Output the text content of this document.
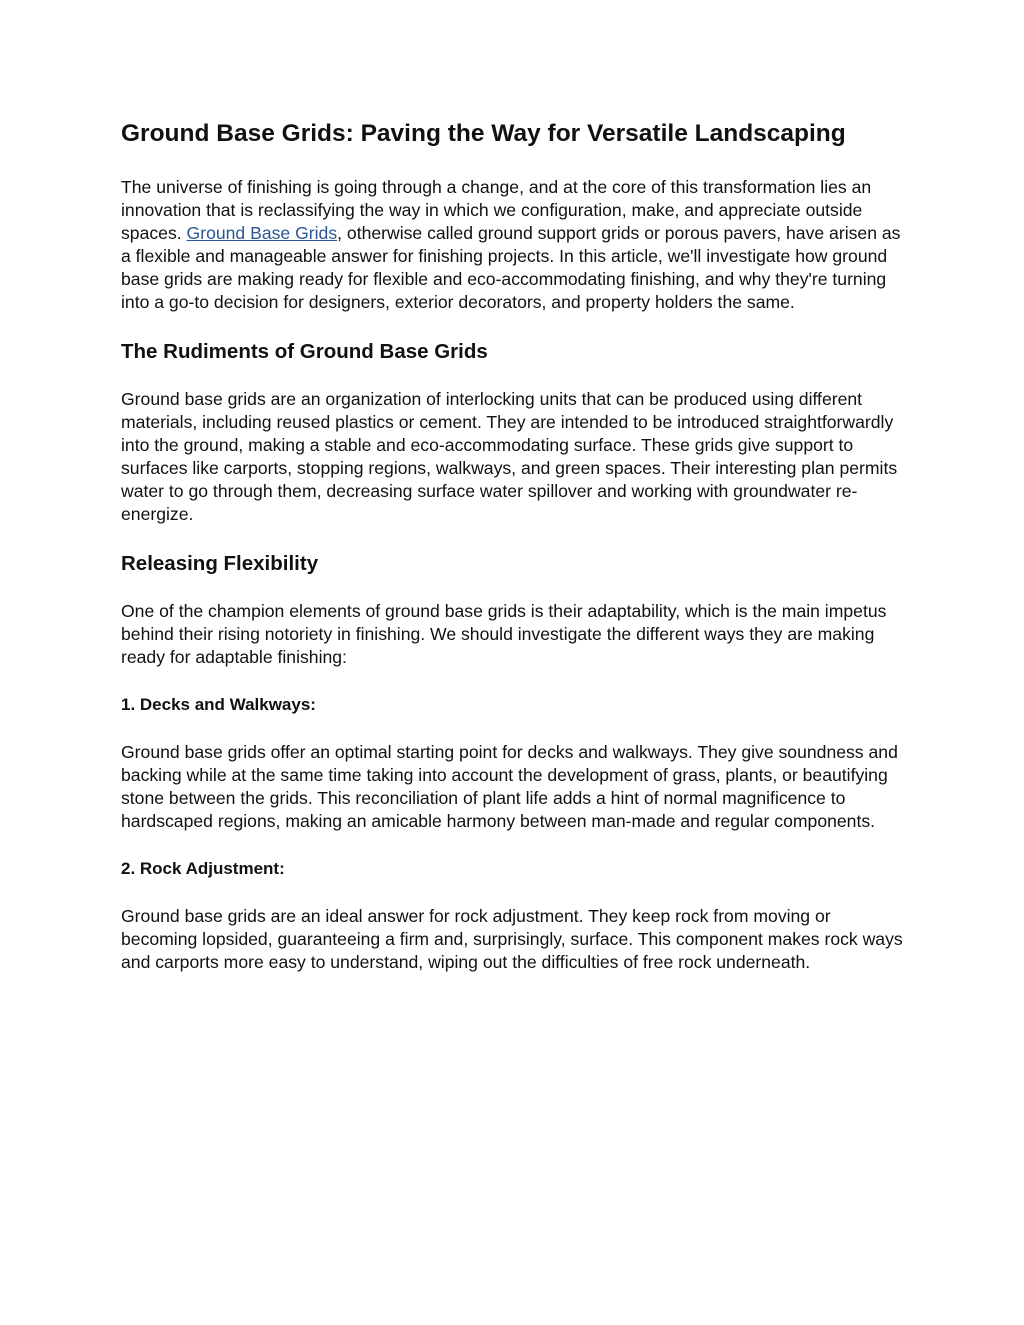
Ground Base Grids: Paving the Way for Versatile Landscaping

The universe of finishing is going through a change, and at the core of this transformation lies an innovation that is reclassifying the way in which we configuration, make, and appreciate outside spaces. Ground Base Grids, otherwise called ground support grids or porous pavers, have arisen as a flexible and manageable answer for finishing projects. In this article, we'll investigate how ground base grids are making ready for flexible and eco-accommodating finishing, and why they're turning into a go-to decision for designers, exterior decorators, and property holders the same.

The Rudiments of Ground Base Grids

Ground base grids are an organization of interlocking units that can be produced using different materials, including reused plastics or cement. They are intended to be introduced straightforwardly into the ground, making a stable and eco-accommodating surface. These grids give support to surfaces like carports, stopping regions, walkways, and green spaces. Their interesting plan permits water to go through them, decreasing surface water spillover and working with groundwater re-energize.

Releasing Flexibility

One of the champion elements of ground base grids is their adaptability, which is the main impetus behind their rising notoriety in finishing. We should investigate the different ways they are making ready for adaptable finishing:

1. Decks and Walkways:

Ground base grids offer an optimal starting point for decks and walkways. They give soundness and backing while at the same time taking into account the development of grass, plants, or beautifying stone between the grids. This reconciliation of plant life adds a hint of normal magnificence to hardscaped regions, making an amicable harmony between man-made and regular components.

2. Rock Adjustment:

Ground base grids are an ideal answer for rock adjustment. They keep rock from moving or becoming lopsided, guaranteeing a firm and, surprisingly, surface. This component makes rock ways and carports more easy to understand, wiping out the difficulties of free rock underneath.
